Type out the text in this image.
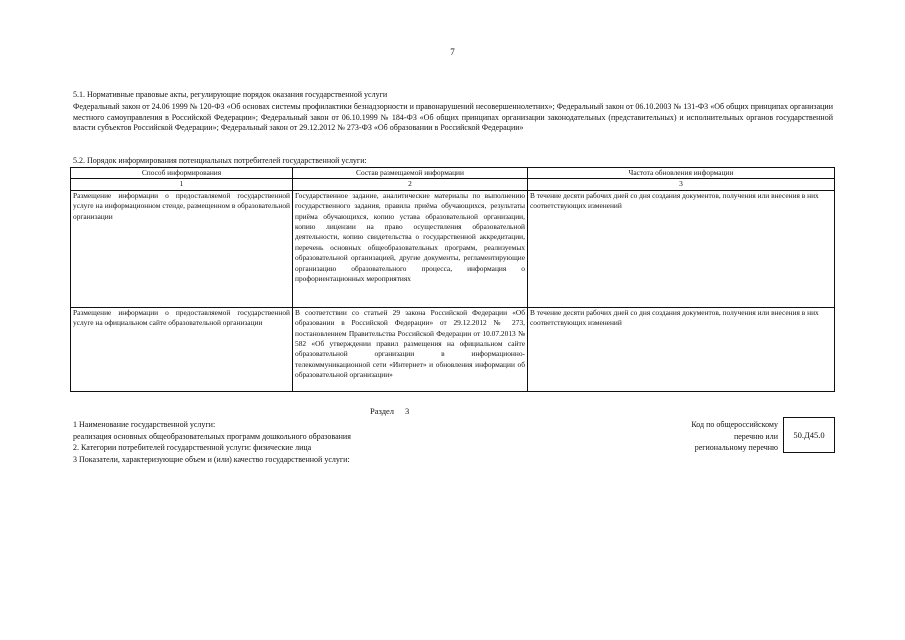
7
5.1. Нормативные правовые акты, регулирующие порядок оказания государственной услуги
Федеральный закон от 24.06 1999 № 120-ФЗ «Об основах системы профилактики безнадзорности и правонарушений несовершеннолетних»; Федеральный закон от 06.10.2003 № 131-ФЗ «Об общих принципах организации местного самоуправления в Российской Федерации»; Федеральный закон от 06.10.1999 № 184-ФЗ «Об общих принципах организации законодательных (представительных) и исполнительных органов государственной власти субъектов Российской Федерации»; Федеральный закон от 29.12.2012 № 273-ФЗ «Об образовании в Российской Федерации»
5.2. Порядок информирования потенциальных потребителей государственной услуги:
Способ информирования	Состав размещаемой информации	Частота обновления информации
1	2	3
Размещение информации о предоставляемой государственной услуге на информационном стенде, размещенном в образовательной организации	Государственное задание, аналитические материалы по выполнению государственного задания, правила приёма обучающихся, результаты приёма обучающихся, копию устава образовательной организации, копию лицензии на право осуществления образовательной деятельности, копию свидетельства о государственной аккредитации, перечень основных общеобразовательных программ, реализуемых образовательной организацией, другие документы, регламентирующие организацию образовательного процесса, информация о профориентационных мероприятиях	В течение десяти рабочих дней со дня создания документов, получения или внесения в них соответствующих изменений
Размещение информации о предоставляемой государственной услуге на официальном сайте образовательной организации	В соответствии со статьей 29 закона Российской Федерации «Об образовании в Российской Федерации» от 29.12.2012 № 273, постановлением Правительства Российской Федерации от 10.07.2013 № 582 «Об утверждении правил размещения на официальном сайте образовательной организации в информационно-телекоммуникационной сети «Интернет» и обновления информации об образовательной организации»	В течение десяти рабочих дней со дня создания документов, получения или внесения в них соответствующих изменений
Раздел 3
1 Наименование государственной услуги:
реализация основных общеобразовательных программ дошкольного образования
2. Категории потребителей государственной услуги: физические лица
3 Показатели, характеризующие объем и (или) качество государственной услуги:
Код по общероссийскому
перечню или
региональному перечню
50.Д45.0
